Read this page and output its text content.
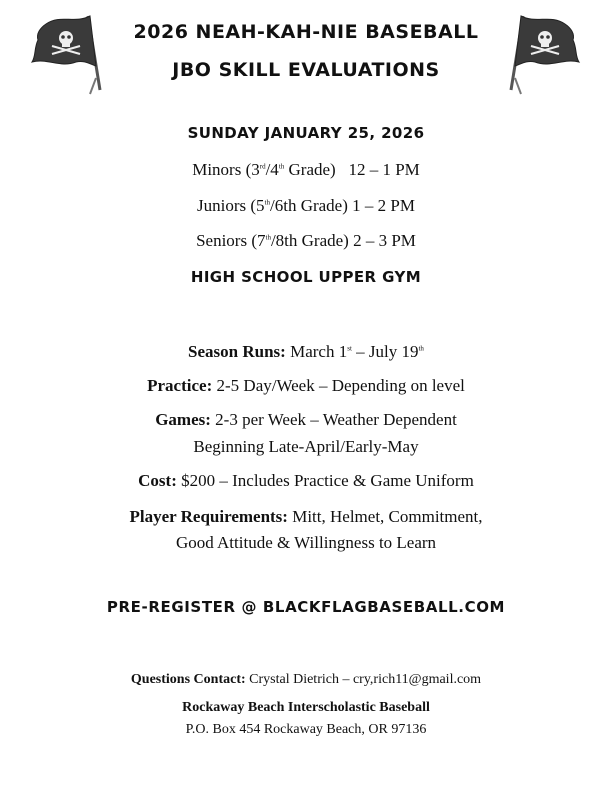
2026 NEAH-KAH-NIE BASEBALL
JBO SKILL EVALUATIONS
SUNDAY JANUARY 25, 2026
Minors (3rd/4th Grade)   12 – 1 PM
Juniors (5th/6th Grade) 1 – 2 PM
Seniors (7th/8th Grade) 2 – 3 PM
HIGH SCHOOL UPPER GYM
Season Runs: March 1st – July 19th
Practice: 2-5 Day/Week – Depending on level
Games: 2-3 per Week – Weather Dependent
Beginning Late-April/Early-May
Cost: $200 – Includes Practice & Game Uniform
Player Requirements: Mitt, Helmet, Commitment,
Good Attitude & Willingness to Learn
PRE-REGISTER @ BLACKFLAGBASEBALL.COM
Questions Contact: Crystal Dietrich – cry,rich11@gmail.com
Rockaway Beach Interscholastic Baseball
P.O. Box 454 Rockaway Beach, OR 97136
